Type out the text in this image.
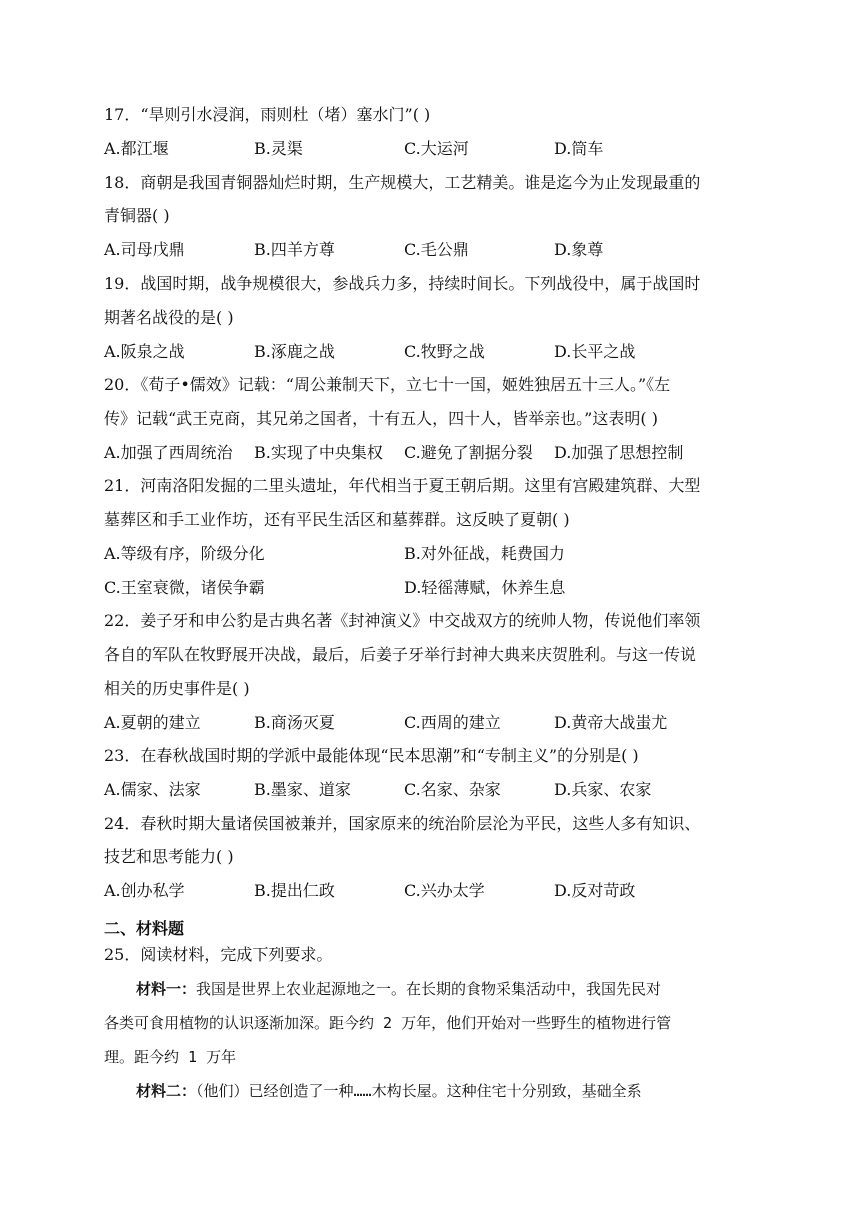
17．“旱则引水浸润，雨则杜（堵）塞水门”( )
A.都江堰	B.灵渠	C.大运河	D.筒车
18．商朝是我国青铜器灿烂时期，生产规模大，工艺精美。谁是迄今为止发现最重的
青铜器( )
A.司母戊鼎	B.四羊方尊	C.毛公鼎	D.象尊
19．战国时期，战争规模很大，参战兵力多，持续时间长。下列战役中，属于战国时
期著名战役的是( )
A.阪泉之战	B.涿鹿之战	C.牧野之战	D.长平之战
20．《荀子•儒效》记载：“周公兼制天下，立七十一国，姬姓独居五十三人。”《左
传》记载“武王克商，其兄弟之国者，十有五人，四十人，皆举亲也。”这表明( )
A.加强了西周统治 B.实现了中央集权 C.避免了割据分裂 D.加强了思想控制
21．河南洛阳发掘的二里头遗址，年代相当于夏王朝后期。这里有宫殿建筑群、大型
墓葬区和手工业作坊，还有平民生活区和墓葬群。这反映了夏朝( )
A.等级有序，阶级分化	B.对外征战，耗费国力
C.王室衰微，诸侯争霸	D.轻徭薄赋，休养生息
22．姜子牙和申公豹是古典名著《封神演义》中交战双方的统帅人物，传说他们率领
各自的军队在牧野展开决战，最后，后姜子牙举行封神大典来庆贺胜利。与这一传说
相关的历史事件是( )
A.夏朝的建立	B.商汤灭夏	C.西周的建立	D.黄帝大战蚩尤
23．在春秋战国时期的学派中最能体现“民本思潮”和“专制主义”的分别是( )
A.儒家、法家	B.墨家、道家	C.名家、杂家	D.兵家、农家
24．春秋时期大量诸侯国被兼并，国家原来的统治阶层沦为平民，这些人多有知识、
技艺和思考能力( )
A.创办私学	B.提出仁政	C.兴办太学	D.反对苛政
二、材料题
25．阅读材料，完成下列要求。
材料一：我国是世界上农业起源地之一。在长期的食物采集活动中，我国先民对
各类可食用植物的认识逐渐加深。距今约 2 万年，他们开始对一些野生的植物进行管
理。距今约 1 万年
材料二：（他们）已经创造了一种……木构长屋。这种住宅十分别致，基础全系
